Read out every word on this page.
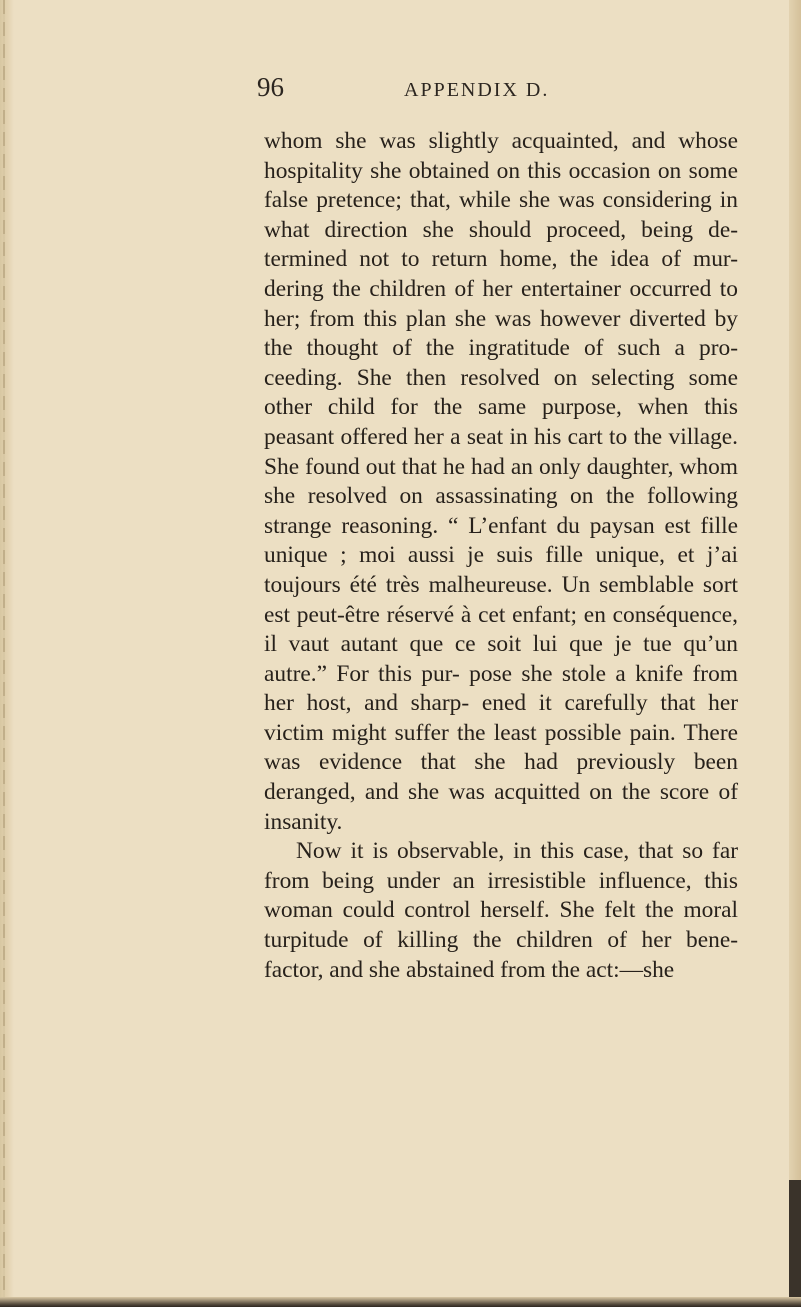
96	APPENDIX D.

whom she was slightly acquainted, and whose hospitality she obtained on this occasion on some false pretence; that, while she was considering in what direction she should proceed, being de- termined not to return home, the idea of mur- dering the children of her entertainer occurred to her; from this plan she was however diverted by the thought of the ingratitude of such a pro- ceeding. She then resolved on selecting some other child for the same purpose, when this peasant offered her a seat in his cart to the village. She found out that he had an only daughter, whom she resolved on assassinating on the following strange reasoning. “ L’enfant du paysan est fille unique ; moi aussi je suis fille unique, et j’ai toujours été très malheureuse. Un semblable sort est peut-être réservé à cet enfant; en conséquence, il vaut autant que ce soit lui que je tue qu’un autre.” For this pur- pose she stole a knife from her host, and sharp- ened it carefully that her victim might suffer the least possible pain. There was evidence that she had previously been deranged, and she was acquitted on the score of insanity.

Now it is observable, in this case, that so far from being under an irresistible influence, this woman could control herself. She felt the moral turpitude of killing the children of her bene- factor, and she abstained from the act:—she
